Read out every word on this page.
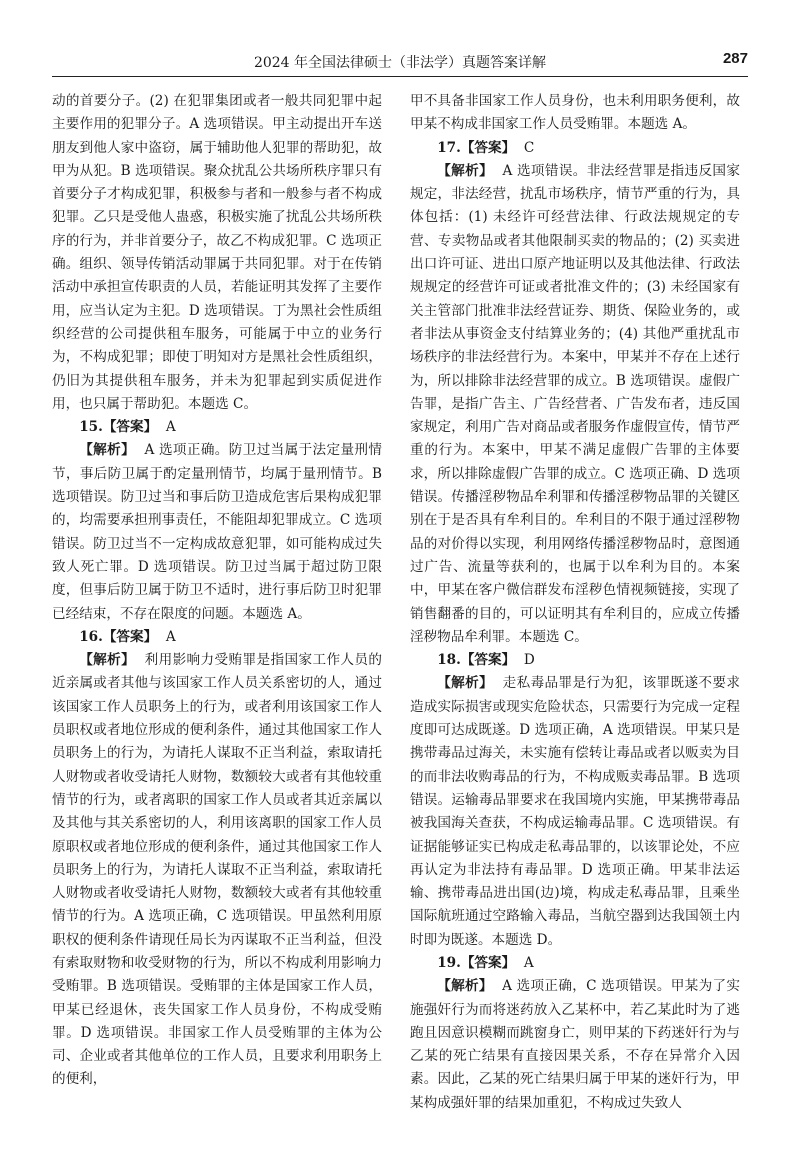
2024 年全国法律硕士（非法学）真题答案详解	287

动的首要分子。(2) 在犯罪集团或者一般共同犯罪中起主要作用的犯罪分子。A 选项错误。甲主动提出开车送朋友到他人家中盗窃，属于辅助他人犯罪的帮助犯，故甲为从犯。B 选项错误。聚众扰乱公共场所秩序罪只有首要分子才构成犯罪，积极参与者和一般参与者不构成犯罪。乙只是受他人蛊惑，积极实施了扰乱公共场所秩序的行为，并非首要分子，故乙不构成犯罪。C 选项正确。组织、领导传销活动罪属于共同犯罪。对于在传销活动中承担宣传职责的人员，若能证明其发挥了主要作用，应当认定为主犯。D 选项错误。丁为黑社会性质组织经营的公司提供租车服务，可能属于中立的业务行为，不构成犯罪；即使丁明知对方是黑社会性质组织，仍旧为其提供租车服务，并未为犯罪起到实质促进作用，也只属于帮助犯。本题选 C。

15.【答案】 A

【解析】 A 选项正确。防卫过当属于法定量刑情节，事后防卫属于酌定量刑情节，均属于量刑情节。B 选项错误。防卫过当和事后防卫造成危害后果构成犯罪的，均需要承担刑事责任，不能阻却犯罪成立。C 选项错误。防卫过当不一定构成故意犯罪，如可能构成过失致人死亡罪。D 选项错误。防卫过当属于超过防卫限度，但事后防卫属于防卫不适时，进行事后防卫时犯罪已经结束，不存在限度的问题。本题选 A。

16.【答案】 A

【解析】 利用影响力受贿罪是指国家工作人员的近亲属或者其他与该国家工作人员关系密切的人，通过该国家工作人员职务上的行为，或者利用该国家工作人员职权或者地位形成的便利条件，通过其他国家工作人员职务上的行为，为请托人谋取不正当利益，索取请托人财物或者收受请托人财物，数额较大或者有其他较重情节的行为，或者离职的国家工作人员或者其近亲属以及其他与其关系密切的人，利用该离职的国家工作人员原职权或者地位形成的便利条件，通过其他国家工作人员职务上的行为，为请托人谋取不正当利益，索取请托人财物或者收受请托人财物，数额较大或者有其他较重情节的行为。A 选项正确，C 选项错误。甲虽然利用原职权的便利条件请现任局长为丙谋取不正当利益，但没有索取财物和收受财物的行为，所以不构成利用影响力受贿罪。B 选项错误。受贿罪的主体是国家工作人员，甲某已经退休，丧失国家工作人员身份，不构成受贿罪。D 选项错误。非国家工作人员受贿罪的主体为公司、企业或者其他单位的工作人员，且要求利用职务上的便利，

甲不具备非国家工作人员身份，也未利用职务便利，故甲某不构成非国家工作人员受贿罪。本题选 A。

17.【答案】 C

【解析】 A 选项错误。非法经营罪是指违反国家规定，非法经营，扰乱市场秩序，情节严重的行为，具体包括：(1) 未经许可经营法律、行政法规规定的专营、专卖物品或者其他限制买卖的物品的；(2) 买卖进出口许可证、进出口原产地证明以及其他法律、行政法规规定的经营许可证或者批准文件的；(3) 未经国家有关主管部门批准非法经营证券、期货、保险业务的，或者非法从事资金支付结算业务的；(4) 其他严重扰乱市场秩序的非法经营行为。本案中，甲某并不存在上述行为，所以排除非法经营罪的成立。B 选项错误。虚假广告罪，是指广告主、广告经营者、广告发布者，违反国家规定，利用广告对商品或者服务作虚假宣传，情节严重的行为。本案中，甲某不满足虚假广告罪的主体要求，所以排除虚假广告罪的成立。C 选项正确、D 选项错误。传播淫秽物品牟利罪和传播淫秽物品罪的关键区别在于是否具有牟利目的。牟利目的不限于通过淫秽物品的对价得以实现，利用网络传播淫秽物品时，意图通过广告、流量等获利的，也属于以牟利为目的。本案中，甲某在客户微信群发布淫秽色情视频链接，实现了销售翻番的目的，可以证明其有牟利目的，应成立传播淫秽物品牟利罪。本题选 C。

18.【答案】 D

【解析】 走私毒品罪是行为犯，该罪既遂不要求造成实际损害或现实危险状态，只需要行为完成一定程度即可达成既遂。D 选项正确，A 选项错误。甲某只是携带毒品过海关，未实施有偿转让毒品或者以贩卖为目的而非法收购毒品的行为，不构成贩卖毒品罪。B 选项错误。运输毒品罪要求在我国境内实施，甲某携带毒品被我国海关查获，不构成运输毒品罪。C 选项错误。有证据能够证实已构成走私毒品罪的，以该罪论处，不应再认定为非法持有毒品罪。D 选项正确。甲某非法运输、携带毒品进出国(边)境，构成走私毒品罪，且乘坐国际航班通过空路输入毒品，当航空器到达我国领土内时即为既遂。本题选 D。

19.【答案】 A

【解析】 A 选项正确，C 选项错误。甲某为了实施强奸行为而将迷药放入乙某杯中，若乙某此时为了逃跑且因意识模糊而跳窗身亡，则甲某的下药迷奸行为与乙某的死亡结果有直接因果关系，不存在异常介入因素。因此，乙某的死亡结果归属于甲某的迷奸行为，甲某构成强奸罪的结果加重犯，不构成过失致人
